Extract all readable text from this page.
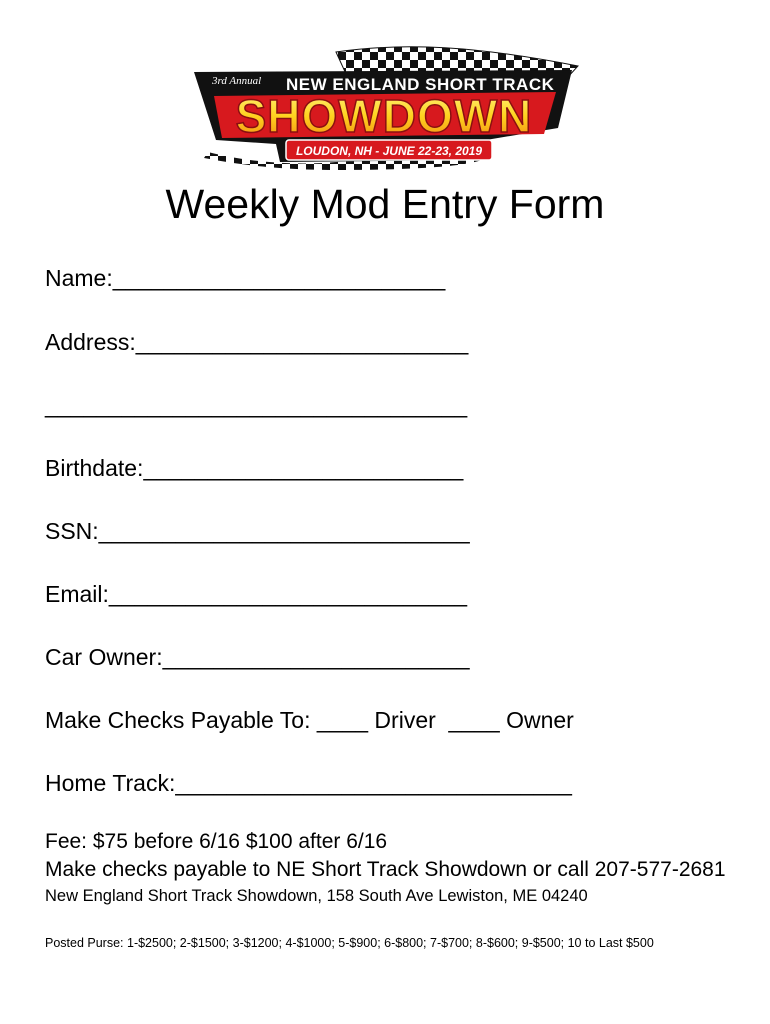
3rd Annual NEW ENGLAND SHORT TRACK
SHOWDOWN
LOUDON, NH - JUNE 22-23, 2019
Weekly Mod Entry Form
Name:__________________________
Address:__________________________
_________________________________
Birthdate:_________________________
SSN:_____________________________
Email:____________________________
Car Owner:________________________
Make Checks Payable To: ____ Driver  ____ Owner
Home Track:_______________________________
Fee: $75 before 6/16 $100 after 6/16
Make checks payable to NE Short Track Showdown or call 207-577-2681
New England Short Track Showdown, 158 South Ave Lewiston, ME 04240
Posted Purse: 1-$2500; 2-$1500; 3-$1200; 4-$1000; 5-$900; 6-$800; 7-$700; 8-$600; 9-$500; 10 to Last $500
